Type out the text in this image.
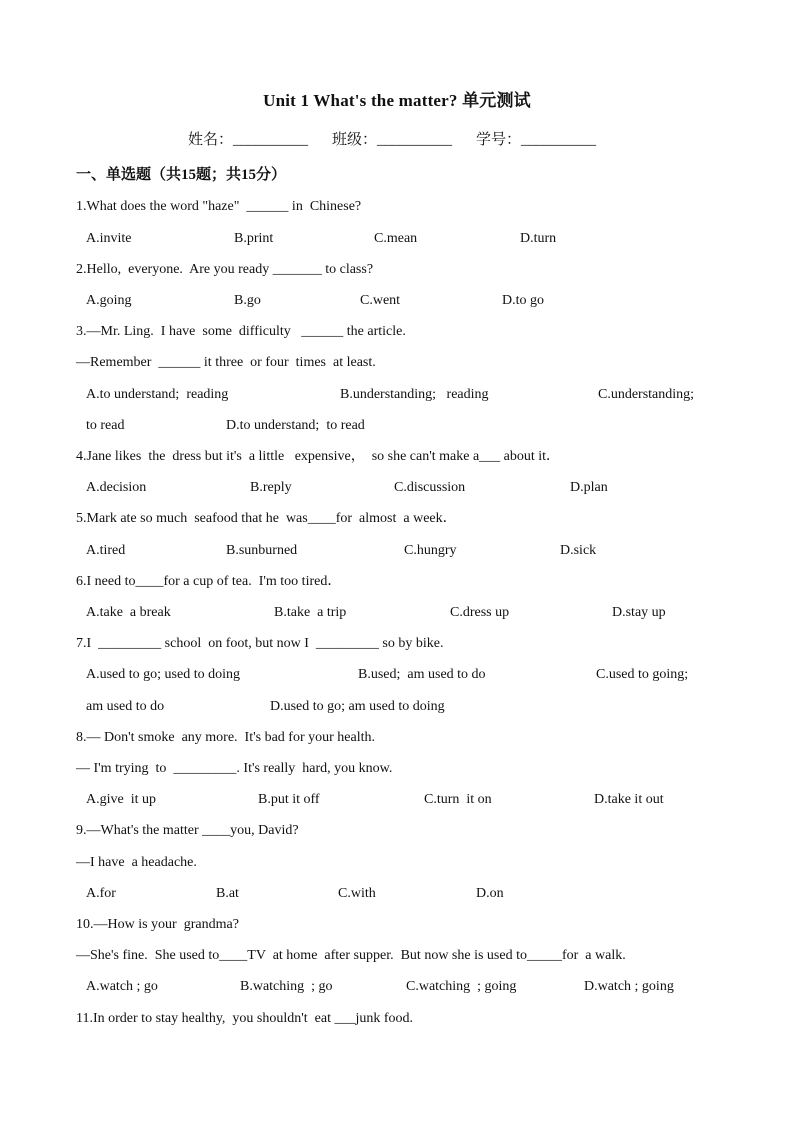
Unit 1 What's the matter? 单元测试
姓名：__________ 班级：__________ 学号：__________
一、单选题（共15题；共15分）
1.What does the word "haze"  ______ in  Chinese?
A.invite	B.print	C.mean	D.turn
2.Hello,  everyone.  Are you ready _______ to class?
A.going	B.go	C.went	D.to go
3.—Mr. Ling.  I have  some  difficulty   ______ the article.
—Remember  ______ it three  or four  times  at least.
A.to understand;  reading	B.understanding;   reading	C.understanding;
to read	D.to understand;  to read
4.Jane likes  the  dress but it's  a little   expensive，  so she can't make a___ about it．
A.decision	B.reply	C.discussion	D.plan
5.Mark ate so much  seafood that he  was____for  almost  a week．
A.tired	B.sunburned	C.hungry	D.sick
6.I need to____for a cup of tea.  I'm too tired．
A.take  a break	B.take  a trip	C.dress up	D.stay up
7.I  _________ school  on foot, but now I  _________ so by bike.
A.used to go; used to doing	B.used;  am used to do	C.used to going;
am used to do	D.used to go; am used to doing
8.— Don't smoke  any more.  It's bad for your health.
— I'm trying  to  _________. It's really  hard, you know.
A.give  it up	B.put it off	C.turn  it on	D.take it out
9.—What's the matter ____you, David?
—I have  a headache.
A.for	B.at	C.with	D.on
10.—How is your  grandma?
—She's fine.  She used to____TV  at home  after supper.  But now she is used to_____for  a walk.
A.watch ; go	B.watching  ; go	C.watching  ; going	D.watch ; going
11.In order to stay healthy,  you shouldn't  eat ___junk food.
